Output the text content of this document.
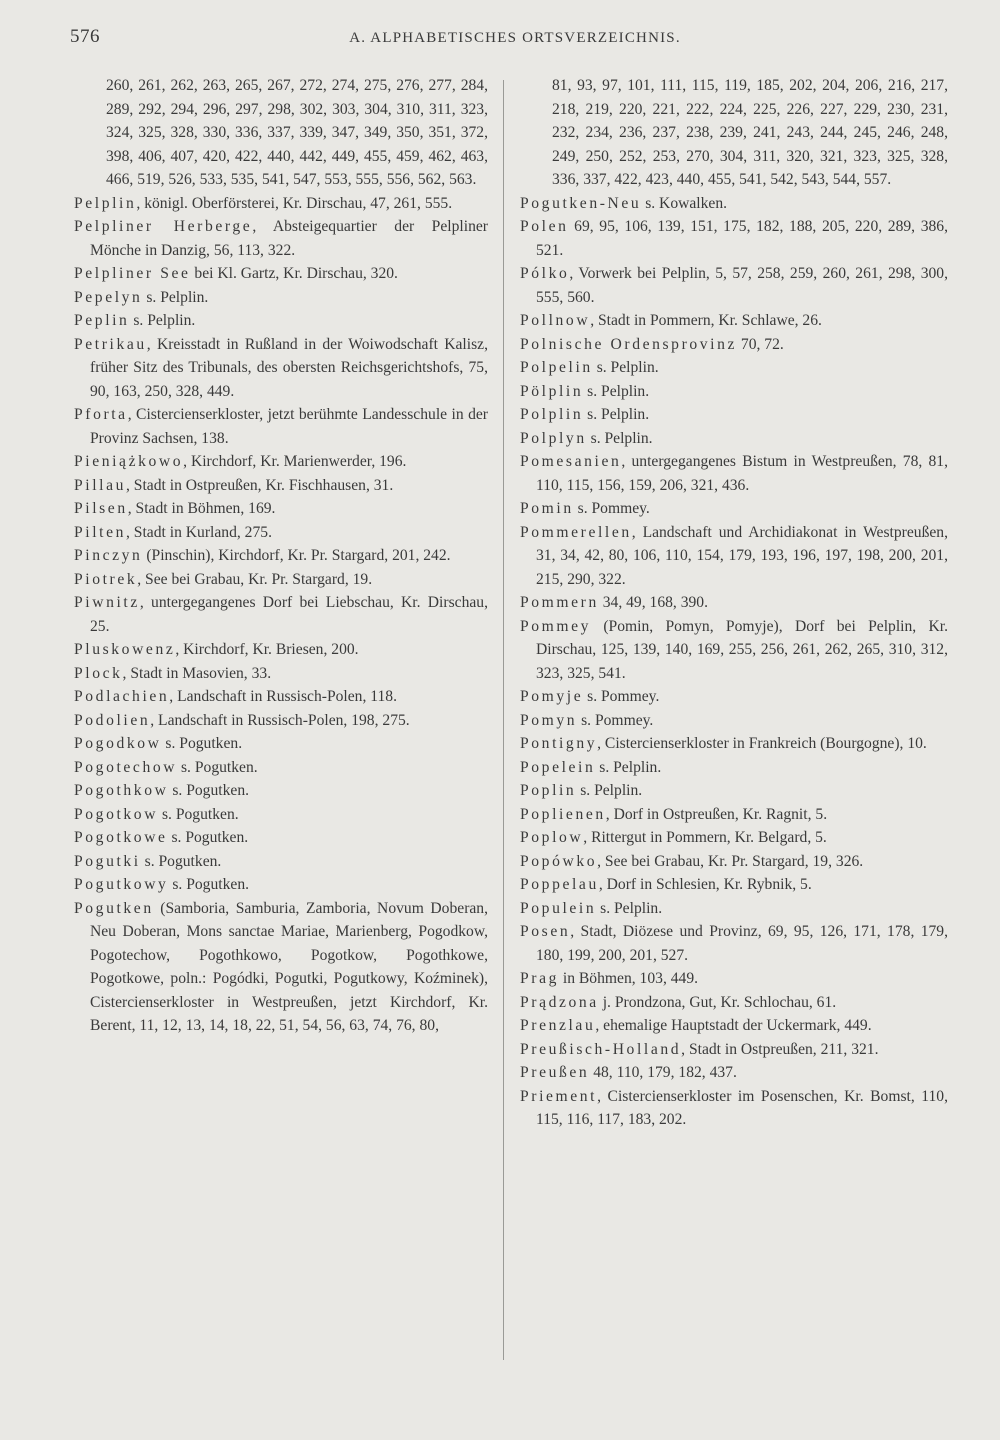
576	A. ALPHABETISCHES ORTSVERZEICHNIS.

260, 261, 262, 263, 265, 267, 272, 274, 275, 276, 277, 284, 289, 292, 294, 296, 297, 298, 302, 303, 304, 310, 311, 323, 324, 325, 328, 330, 336, 337, 339, 347, 349, 350, 351, 372, 398, 406, 407, 420, 422, 440, 442, 449, 455, 459, 462, 463, 466, 519, 526, 533, 535, 541, 547, 553, 555, 556, 562, 563.

Pelplin, königl. Oberförsterei, Kr. Dirschau, 47, 261, 555.

Pelpliner Herberge, Absteigequartier der Pelpliner Mönche in Danzig, 56, 113, 322.

Pelpliner See bei Kl. Gartz, Kr. Dirschau, 320.

Pepelyn s. Pelplin.

Peplin s. Pelplin.

Petrikau, Kreisstadt in Rußland in der Woiwodschaft Kalisz, früher Sitz des Tribunals, des obersten Reichsgerichtshofs, 75, 90, 163, 250, 328, 449.

Pforta, Cistercienserkloster, jetzt berühmte Landesschule in der Provinz Sachsen, 138.

Pieniążkowo, Kirchdorf, Kr. Marienwerder, 196.

Pillau, Stadt in Ostpreußen, Kr. Fischhausen, 31.

Pilsen, Stadt in Böhmen, 169.

Pilten, Stadt in Kurland, 275.

Pinczyn (Pinschin), Kirchdorf, Kr. Pr. Stargard, 201, 242.

Piotrek, See bei Grabau, Kr. Pr. Stargard, 19.

Piwnitz, untergegangenes Dorf bei Liebschau, Kr. Dirschau, 25.

Pluskowenz, Kirchdorf, Kr. Briesen, 200.

Plock, Stadt in Masovien, 33.

Podlachien, Landschaft in Russisch-Polen, 118.

Podolien, Landschaft in Russisch-Polen, 198, 275.

Pogodkow s. Pogutken.

Pogotechow s. Pogutken.

Pogothkow s. Pogutken.

Pogotkow s. Pogutken.

Pogotkowe s. Pogutken.

Pogutki s. Pogutken.

Pogutkowy s. Pogutken.

Pogutken (Samboria, Samburia, Zamboria, Novum Doberan, Neu Doberan, Mons sanctae Mariae, Marienberg, Pogodkow, Pogotechow, Pogothkowo, Pogotkow, Pogothkowe, Pogotkowe, poln.: Pogódki, Pogutki, Pogutkowy, Koźminek), Cistercienserkloster in Westpreußen, jetzt Kirchdorf, Kr. Berent, 11, 12, 13, 14, 18, 22, 51, 54, 56, 63, 74, 76, 80,

81, 93, 97, 101, 111, 115, 119, 185, 202, 204, 206, 216, 217, 218, 219, 220, 221, 222, 224, 225, 226, 227, 229, 230, 231, 232, 234, 236, 237, 238, 239, 241, 243, 244, 245, 246, 248, 249, 250, 252, 253, 270, 304, 311, 320, 321, 323, 325, 328, 336, 337, 422, 423, 440, 455, 541, 542, 543, 544, 557.

Pogutken-Neu s. Kowalken.

Polen 69, 95, 106, 139, 151, 175, 182, 188, 205, 220, 289, 386, 521.

Pólko, Vorwerk bei Pelplin, 5, 57, 258, 259, 260, 261, 298, 300, 555, 560.

Pollnow, Stadt in Pommern, Kr. Schlawe, 26.

Polnische Ordensprovinz 70, 72.

Polpelin s. Pelplin.

Pölplin s. Pelplin.

Polplin s. Pelplin.

Polplyn s. Pelplin.

Pomesanien, untergegangenes Bistum in Westpreußen, 78, 81, 110, 115, 156, 159, 206, 321, 436.

Pomin s. Pommey.

Pommerellen, Landschaft und Archidiakonat in Westpreußen, 31, 34, 42, 80, 106, 110, 154, 179, 193, 196, 197, 198, 200, 201, 215, 290, 322.

Pommern 34, 49, 168, 390.

Pommey (Pomin, Pomyn, Pomyje), Dorf bei Pelplin, Kr. Dirschau, 125, 139, 140, 169, 255, 256, 261, 262, 265, 310, 312, 323, 325, 541.

Pomyje s. Pommey.

Pomyn s. Pommey.

Pontigny, Cistercienserkloster in Frankreich (Bourgogne), 10.

Popelein s. Pelplin.

Poplin s. Pelplin.

Poplienen, Dorf in Ostpreußen, Kr. Ragnit, 5.

Poplow, Rittergut in Pommern, Kr. Belgard, 5.

Popówko, See bei Grabau, Kr. Pr. Stargard, 19, 326.

Poppelau, Dorf in Schlesien, Kr. Rybnik, 5.

Populein s. Pelplin.

Posen, Stadt, Diözese und Provinz, 69, 95, 126, 171, 178, 179, 180, 199, 200, 201, 527.

Prag in Böhmen, 103, 449.

Prądzona j. Prondzona, Gut, Kr. Schlochau, 61.

Prenzlau, ehemalige Hauptstadt der Uckermark, 449.

Preußisch-Holland, Stadt in Ostpreußen, 211, 321.

Preußen 48, 110, 179, 182, 437.

Priement, Cistercienserkloster im Posenschen, Kr. Bomst, 110, 115, 116, 117, 183, 202.
